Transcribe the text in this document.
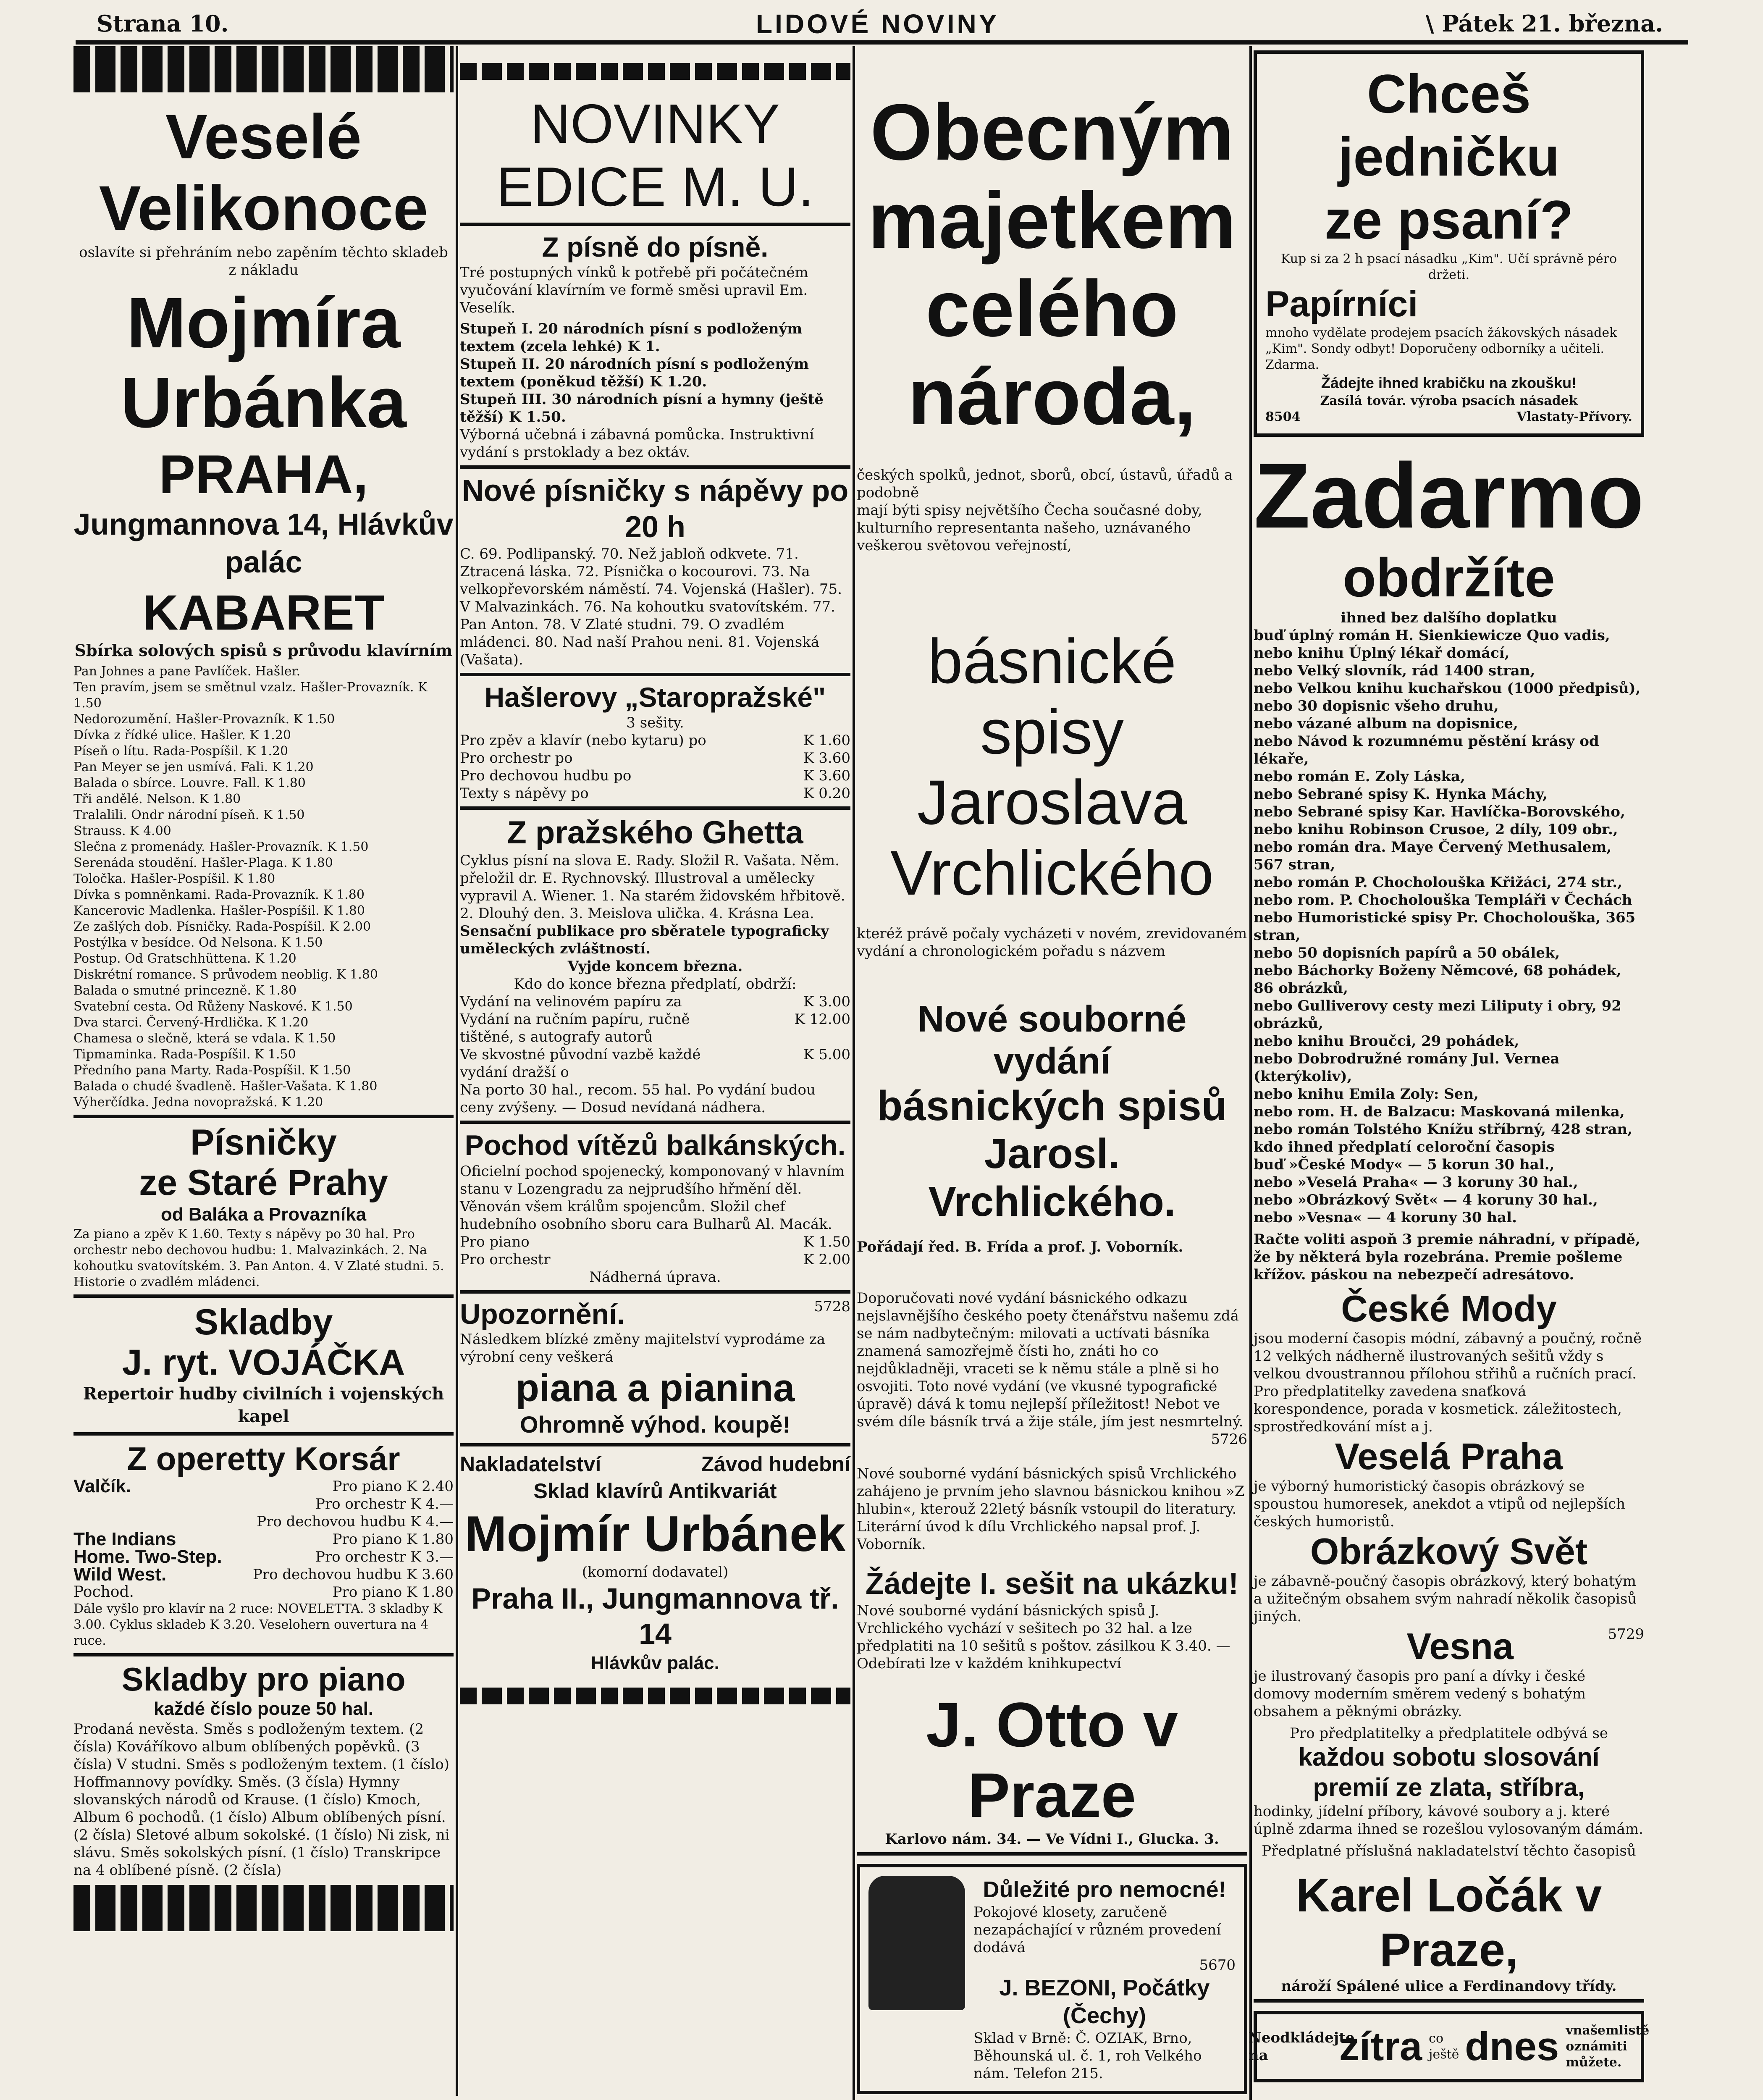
Strana 10.	LIDOVÉ NOVINY	\ Pátek 21. března.
Veselé Velikonoce
oslavíte si přehráním nebo zapěním těchto skladeb z nákladu
Mojmíra Urbánka
PRAHA,
Jungmannova 14, Hlávkův palác
KABARET
Sbírka solových spisů s průvodu klavírním

Pan Johnes a pane Pavlíček. Hašler.

Ten pravím, jsem se smětnul vzalz. Hašler-Provazník. K 1.50

Nedorozumění. Hašler-Provazník. K 1.50

Dívka z řídké ulice. Hašler. K 1.20

Píseň o lítu. Rada-Pospíšil. K 1.20

Pan Meyer se jen usmívá. Fali. K 1.20

Balada o sbírce. Louvre. Fall. K 1.80

Tři andělé. Nelson. K 1.80

Tralalili. Ondr národní píseň. K 1.50

Strauss. K 4.00

Slečna z promenády. Hašler-Provazník. K 1.50

Serenáda stoudění. Hašler-Plaga. K 1.80

Toločka. Hašler-Pospíšil. K 1.80

Dívka s pomněnkami. Rada-Provazník. K 1.80

Kancerovic Madlenka. Hašler-Pospíšil. K 1.80

Ze zašlých dob. Písničky. Rada-Pospíšil. K 2.00

Postýlka v besídce. Od Nelsona. K 1.50

Postup. Od Gratschhüttena. K 1.20

Diskrétní romance. S průvodem neoblig. K 1.80

Balada o smutné princezně. K 1.80

Svatební cesta. Od Růženy Naskové. K 1.50

Dva starci. Červený-Hrdlička. K 1.20

Chamesa o slečně, která se vdala. K 1.50

Tipmaminka. Rada-Pospíšil. K 1.50

Předního pana Marty. Rada-Pospíšil. K 1.50

Balada o chudé švadleně. Hašler-Vašata. K 1.80

Výherčídka. Jedna novopražská. K 1.20

Písničky
ze Staré Prahy
od Baláka a Provazníka
Za piano a zpěv K 1.60. Texty s nápěvy po 30 hal. Pro orchestr nebo dechovou hudbu: 1. Malvazinkách. 2. Na kohoutku svatovítském. 3. Pan Anton. 4. V Zlaté studni. 5. Historie o zvadlém mládenci.
Skladby
J. ryt. VOJÁČKA
Repertoir hudby civilních i vojenských kapel
Z operetty Korsár
Valčík.	Pro piano K 2.40
Pro orchestr K 4.—
Pro dechovou hudbu K 4.—
The Indians	Pro piano K 1.80
Home. Two-Step.	Pro orchestr K 3.—
Wild West.	Pro dechovou hudbu K 3.60
Pochod.	Pro piano K 1.80
Dále vyšlo pro klavír na 2 ruce: NOVELETTA. 3 skladby K 3.00. Cyklus skladeb K 3.20. Veselohern ouvertura na 4 ruce.
Skladby pro piano
každé číslo pouze 50 hal.
Prodaná nevěsta. Směs s podloženým textem. (2 čísla) Kováříkovo album oblíbených popěvků. (3 čísla) V studni. Směs s podloženým textem. (1 číslo) Hoffmannovy povídky. Směs. (3 čísla) Hymny slovanských národů od Krause. (1 číslo) Kmoch, Album 6 pochodů. (1 číslo) Album oblíbených písní. (2 čísla) Sletové album sokolské. (1 číslo) Ni zisk, ni slávu. Směs sokolských písní. (1 číslo) Transkripce na 4 oblíbené písně. (2 čísla)
NOVINKY
EDICE M. U.
Z písně do písně.
Tré postupných vínků k potřebě při počátečném vyučování klavírním ve formě směsi upravil Em. Veselík.
Stupeň I. 20 národních písní s podloženým textem (zcela lehké) K 1.
Stupeň II. 20 národních písní s podloženým textem (poněkud těžší) K 1.20.
Stupeň III. 30 národních písní a hymny (ještě těžší) K 1.50.
Výborná učebná i zábavná pomůcka. Instruktivní vydání s prstoklady a bez oktáv.
Nové písničky s nápěvy po 20 h
C. 69. Podlipanský. 70. Než jabloň odkvete. 71. Ztracená láska. 72. Písnička o kocourovi. 73. Na velkopřevorském náměstí. 74. Vojenská (Hašler). 75. V Malvazinkách. 76. Na kohoutku svatovítském. 77. Pan Anton. 78. V Zlaté studni. 79. O zvadlém mládenci. 80. Nad naší Prahou neni. 81. Vojenská (Vašata).
Hašlerovy „Staropražské"
3 sešity.
Pro zpěv a klavír (nebo kytaru) po	K 1.60
Pro orchestr po	K 3.60
Pro dechovou hudbu po	K 3.60
Texty s nápěvy po	K 0.20
Z pražského Ghetta
Cyklus písní na slova E. Rady. Složil R. Vašata. Něm. přeložil dr. E. Rychnovský. Illustroval a umělecky vypravil A. Wiener. 1. Na starém židovském hřbitově. 2. Dlouhý den. 3. Meislova ulička. 4. Krásna Lea.
Sensační publikace pro sběratele typograficky uměleckých zvláštností.
Vyjde koncem března.
Kdo do konce března předplatí, obdrží:
Vydání na velinovém papíru za	K 3.00
Vydání na ručním papíru, ručně tištěné, s autografy autorů
K 12.00
Ve skvostné původní vazbě každé vydání dražší o
K 5.00
Na porto 30 hal., recom. 55 hal. Po vydání budou ceny zvýšeny. — Dosud nevídaná nádhera.
Pochod vítězů balkánských.
Oficielní pochod spojenecký, komponovaný v hlavním stanu v Lozengradu za nejprudšího hřmění děl. Věnován všem králům spojencům. Složil chef hudebního osobního sboru cara Bulharů Al. Macák.
Pro piano	K 1.50
Pro orchestr	K 2.00
Nádherná úprava.
Upozornění.	5728
Následkem blízké změny majitelství vyprodáme za výrobní ceny veškerá
piana a pianina
Ohromně výhod. koupě!
Nakladatelství	Závod hudební
Sklad klavírů Antikvariát
Mojmír Urbánek
(komorní dodavatel)
Praha II., Jungmannova tř. 14
Hlávkův palác.
Obecným
majetkem
celého
národa,
českých spolků, jednot, sborů, obcí, ústavů, úřadů a podobně
mají býti spisy největšího Čecha současné doby, kulturního representanta našeho, uznávaného veškerou světovou veřejností,
básnické spisy
Jaroslava
Vrchlického
kteréž právě počaly vycházeti v novém, zrevidovaném vydání a chronologickém pořadu s názvem
Nové souborné vydání
básnických spisů
Jarosl. Vrchlického.
Pořádají řed. B. Frída a prof. J. Voborník.
Doporučovati nové vydání básnického odkazu nejslavnějšího českého poety čtenářstvu našemu zdá se nám nadbytečným: milovati a uctívati básníka znamená samozřejmě čísti ho, znáti ho co nejdůkladněji, vraceti se k němu stále a plně si ho osvojiti. Toto nové vydání (ve vkusné typografické úpravě) dává k tomu nejlepší příležitost! Nebot ve svém díle básník trvá a žije stále, jím jest nesmrtelný.
5726
Nové souborné vydání básnických spisů Vrchlického zahájeno je prvním jeho slavnou básnickou knihou »Z hlubin«, kterouž 22letý básník vstoupil do literatury. Literární úvod k dílu Vrchlického napsal prof. J. Voborník.
Žádejte I. sešit na ukázku!
Nové souborné vydání básnických spisů J. Vrchlického vychází v sešitech po 32 hal. a lze předplatiti na 10 sešitů s poštov. zásilkou K 3.40. — Odebírati lze v každém knihkupectví
J. Otto v Praze
Karlovo nám. 34. — Ve Vídni I., Glucka. 3.
Důležité pro nemocné!
Pokojové klosety, zaručeně nezapáchající v různém provedení dodává
5670
J. BEZONI, Počátky (Čechy)
Sklad v Brně: Č. OZIAK, Brno, Běhounská ul. č. 1, roh Velkého nám. Telefon 215.
Chceš jedničku
ze psaní?
Kup si za 2 h psací násadku „Kim". Učí správně péro držeti.
Papírníci
mnoho vydělate prodejem psacích žákovských násadek „Kim". Sondy odbyt! Doporučeny odborníky a učiteli. Zdarma.
Žádejte ihned krabičku na zkoušku!
Zasílá továr. výroba psacích násadek
8504	Vlastaty-Přívory.
Zadarmo
obdržíte
ihned bez dalšího doplatku

buď úplný román H. Sienkiewicze Quo vadis,

nebo knihu Úplný lékař domácí,

nebo Velký slovník, rád 1400 stran,

nebo Velkou knihu kuchařskou (1000 předpisů),

nebo 30 dopisnic všeho druhu,

nebo vázané album na dopisnice,

nebo Návod k rozumnému pěstění krásy od lékaře,

nebo román E. Zoly Láska,

nebo Sebrané spisy K. Hynka Máchy,

nebo Sebrané spisy Kar. Havlíčka-Borovského,

nebo knihu Robinson Crusoe, 2 díly, 109 obr.,

nebo román dra. Maye Červený Methusalem, 567 stran,

nebo román P. Chocholouška Křižáci, 274 str.,

nebo rom. P. Chocholouška Templáři v Čechách

nebo Humoristické spisy Pr. Chocholouška, 365 stran,

nebo 50 dopisních papírů a 50 obálek,

nebo Báchorky Boženy Němcové, 68 pohádek, 86 obrázků,

nebo Gulliverovy cesty mezi Liliputy i obry, 92 obrázků,

nebo knihu Broučci, 29 pohádek,

nebo Dobrodružné romány Jul. Vernea (kterýkoliv),

nebo knihu Emila Zoly: Sen,

nebo rom. H. de Balzacu: Maskovaná milenka,

nebo román Tolstého Knížu stříbrný, 428 stran,

kdo ihned předplatí celoroční časopis

buď »České Mody« — 5 korun 30 hal.,

nebo »Veselá Praha« — 3 koruny 30 hal.,

nebo »Obrázkový Svět« — 4 koruny 30 hal.,

nebo »Vesna« — 4 koruny 30 hal.

Račte voliti aspoň 3 premie náhradní, v případě, že by některá byla rozebrána. Premie pošleme křížov. páskou na nebezpečí adresátovo.
České Mody
jsou moderní časopis módní, zábavný a poučný, ročně 12 velkých nádherně ilustrovaných sešitů vždy s velkou dvoustrannou přílohou střihů a ručních prací. Pro předplatitelky zavedena snaťková korespondence, porada v kosmetick. záležitostech, sprostředkování míst a j.
Veselá Praha
je výborný humoristický časopis obrázkový se spoustou humoresek, anekdot a vtipů od nejlepších českých humoristů.
Obrázkový Svět
je zábavně-poučný časopis obrázkový, který bohatým a užitečným obsahem svým nahradí několik časopisů jiných.
Vesna	5729
je ilustrovaný časopis pro paní a dívky i české domovy moderním směrem vedený s bohatým obsahem a pěknými obrázky.
Pro předplatitelky a předplatitele odbývá se
každou sobotu slosování
premií ze zlata, stříbra,
hodinky, jídelní příbory, kávové soubory a j. které úplně zdarma ihned se rozešlou vylosovaným dámám.
Předplatné příslušná nakladatelství těchto časopisů
Karel Ločák v Praze,
nároží Spálené ulice a Ferdinandovy třídy.
Neodkládejte na	zítra co ještě dnes vnašemlistě oznámiti můžete.
